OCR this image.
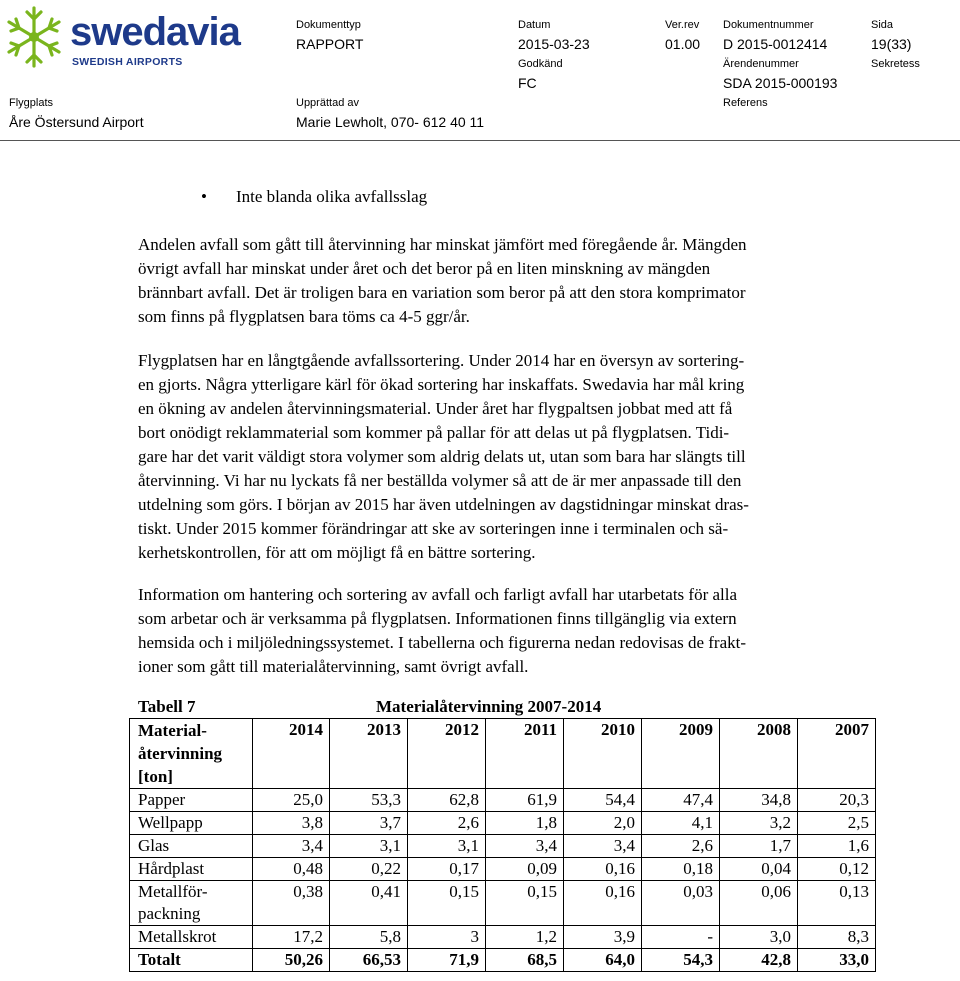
swedavia
SWEDISH AIRPORTS
Dokumenttyp
RAPPORT
Datum
2015-03-23
Ver.rev
01.00
Dokumentnummer
D 2015-0012414
Sida
19(33)
Godkänd
FC
Ärendenummer
SDA 2015-000193
Sekretess
Flygplats
Åre Östersund Airport
Upprättad av
Marie Lewholt, 070- 612 40 11
Referens
• Inte blanda olika avfallsslag
Andelen avfall som gått till återvinning har minskat jämfört med föregående år. Mängden
övrigt avfall har minskat under året och det beror på en liten minskning av mängden
brännbart avfall. Det är troligen bara en variation som beror på att den stora komprimator
som finns på flygplatsen bara töms ca 4-5 ggr/år.
Flygplatsen har en långtgående avfallssortering. Under 2014 har en översyn av sortering-
en gjorts. Några ytterligare kärl för ökad sortering har inskaffats. Swedavia har mål kring
en ökning av andelen återvinningsmaterial. Under året har flygpaltsen jobbat med att få
bort onödigt reklammaterial som kommer på pallar för att delas ut på flygplatsen. Tidi-
gare har det varit väldigt stora volymer som aldrig delats ut, utan som bara har slängts till
återvinning. Vi har nu lyckats få ner beställda volymer så att de är mer anpassade till den
utdelning som görs. I början av 2015 har även utdelningen av dagstidningar minskat dras-
tiskt. Under 2015 kommer förändringar att ske av sorteringen inne i terminalen och sä-
kerhetskontrollen, för att om möjligt få en bättre sortering.
Information om hantering och sortering av avfall och farligt avfall har utarbetats för alla
som arbetar och är verksamma på flygplatsen. Informationen finns tillgänglig via extern
hemsida och i miljöledningssystemet. I tabellerna och figurerna nedan redovisas de frakt-
ioner som gått till materialåtervinning, samt övrigt avfall.
Tabell 7	Materialåtervinning 2007-2014
Material-
återvinning
[ton]	2014	2013	2012	2011	2010	2009	2008	2007
Papper	25,0	53,3	62,8	61,9	54,4	47,4	34,8	20,3
Wellpapp	3,8	3,7	2,6	1,8	2,0	4,1	3,2	2,5
Glas	3,4	3,1	3,1	3,4	3,4	2,6	1,7	1,6
Hårdplast	0,48	0,22	0,17	0,09	0,16	0,18	0,04	0,12

Metallför-
packning	0,38	0,41	0,15	0,15	0,16	0,03	0,06	0,13
Metallskrot	17,2	5,8	3	1,2	3,9	-	3,0	8,3
Totalt	50,26	66,53	71,9	68,5	64,0	54,3	42,8	33,0
